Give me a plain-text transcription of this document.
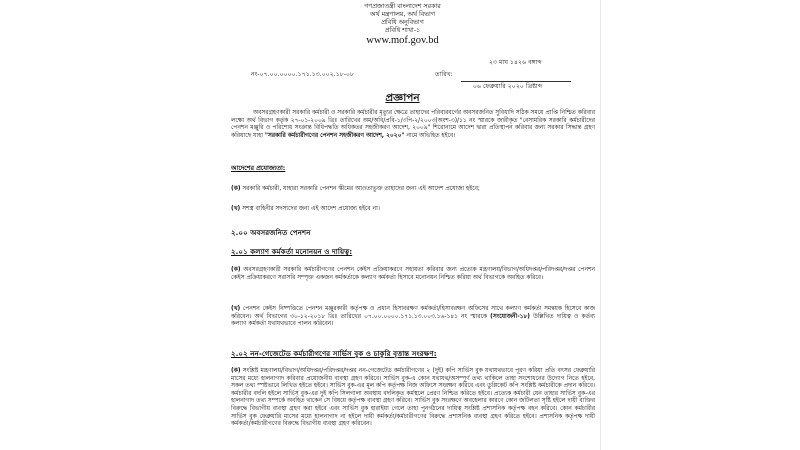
গণপ্রজাতন্ত্রী বাংলাদেশ সরকার
অর্থ মন্ত্রণালয়, অর্থ বিভাগ
প্রবিধি অনুবিভাগ
প্রবিধি শাখা-১
www.mof.gov.bd
২৩ মাঘ ১৪২৬ বঙ্গাব্দ
তারিখ:
নং-০৭.০০.০০০০.১৭১.১৩.০০২.১৮-০৮
০৬ ফেব্রুয়ারি ২০২০ খ্রিষ্টাব্দ
প্রজ্ঞাপন
অবসরগ্রহণকারী সরকারি কর্মচারী ও সরকারি কর্মচারীর মৃত্যুর ক্ষেত্রে তাহাদের পরিবারবর্গের অবসরজনিত সুবিধাদি সঠিক সময়ে প্রাপ্তি নিশ্চিত করিবার লক্ষ্যে অর্থ বিভাগ কর্তৃক ২৭-০১-২০০৯ খ্রিঃ তারিখের অম/অবি/প্রবি-১/৩পি-২/২০০৩(অংশ-৩)/১১ নং স্মারকে জারীকৃত "বেসামরিক সরকারি কর্মচারীদের পেনশন মঞ্জুরি ও পরিশোধ সংক্রান্ত বিধিপদ্ধতি অধিকতর সহজীকরণ আদেশ, ২০০৯" শিরোনামে আদেশ দ্বারা প্রতিস্থাপন করিবার জন্য সরকার সিদ্ধান্ত গ্রহণ করিয়াছে যাহা "সরকারি কর্মচারীগণের পেনশন সহজীকরণ আদেশ, ২০২০" নামে অভিহিত হইবে।
আদেশের প্রযোজ্যতা:
(ক) সরকারি কর্মচারী, যাহারা সরকারি পেনশন স্কীমের আওতাভুক্ত তাহাদের জন্য এই আদেশ প্রযোজ্য হইবে;
(খ) সশস্ত্র বাহিনীর সদস্যদের জন্য এই আদেশ প্রযোজ্য হইবে না।
২.০০ অবসরজনিত পেনশন
২.০১ কল্যাণ কর্মকর্তা মনোনয়ন ও দায়িত্ব:
(ক) অবসরগ্রহণকারী সরকারি কর্মচারীগণের পেনশন কেইস প্রক্রিয়াকরণে সহায়তা করিবার জন্য প্রত্যেক মন্ত্রণালয়/বিভাগ/অধিদপ্তর/পরিদপ্তর/দপ্তর পেনশন কেইস প্রক্রিয়াকরণে সরাসরি সম্পৃক্ত একজন কর্মকর্তাকে কল্যাণ কর্মকর্তা হিসাবে মনোনয়ন নিশ্চিত করিয়া অর্থ বিভাগকে অবহিত করিবে।
(খ) পেনশন কেইস নিষ্পত্তিতে পেনশন মঞ্জুরকারী কর্তৃপক্ষ ও প্রধান হিসাবরক্ষণ কর্মকর্তা/হিসাবরক্ষণ অফিসের সাথে কল্যাণ কর্মকর্তা সমন্বয়ক হিসেবে কাজ করিবেন। অর্থ বিভাগের ৩০-১২-২০১৮ খ্রিঃ তারিখের ০৭.০০.০০০০.১৭১.১৩.০০৩.১৬-১৪১ নং স্মারকে (সংযোজনী-১৮) উল্লিখিত দায়িত্ব ও কর্তব্য কল্যাণ কর্মকর্তা যথাযথভাবে পালন করিবেন।
২.০২ নন-গেজেটেড কর্মচারীগণের সার্ভিস বুক ও চাকুরি বৃত্তান্ত সংরক্ষণ:
(ক) সংশ্লিষ্ট মন্ত্রণালয়/বিভাগ/অধিদপ্তর/পরিদপ্তর/দপ্তর নন-গেজেটেড কর্মচারীগণের ২ (দুই) কপি সার্ভিস বুক যথাযথভাবে পূরণ করিয়া প্রতি বৎসর ফেব্রুয়ারি মাসের মধ্যে হালনাগাদ করিবার প্রয়োজনীয় ব্যবস্থা গ্রহণ করিবে। সার্ভিস বুক-এ কোন যথাযথ/অসম্পূর্ণ তথ্য থাকিলে তাহা সংশোধনের উদ্যোগ নিতে হইবে, সকল তথ্য স্পষ্টভাবে লিখিত হইতে হইবে। সার্ভিস বুক-এর মূল কপি কর্তৃপক্ষ নিজ অফিসে সংরক্ষণ করিবে এবং ডুপ্লিকেট কপি সংশ্লিষ্ট কর্মচারীকে প্রদান করিবে। কর্মচারীর বদলি হইলে সার্ভিস বুক-এর দুই কপি সিলগালা অবস্থায় বদলিকৃত কর্মস্থলে প্রেরণ নিশ্চিত করিতে হইবে। প্রত্যেক কর্মচারী যেন তাহার সার্ভিস বুক-এর হালনাগাদ তথ্য সম্পর্কে অবহিত থাকেন সে বিষয়ে কর্তৃপক্ষ ব্যবস্থা গ্রহণ করিবে। সার্ভিস বুক সংরক্ষণে অবহেলার কারণে কোন জটিলতা সৃষ্টি হইলে দায়ী ব্যক্তির বিরুদ্ধে বিভাগীয় ব্যবস্থা গ্রহণ করা হইবে এবং সার্ভিস বুক হারাইয়া গেলে তাহা পুনর্গঠনের দায়িত্ব সংশ্লিষ্ট প্রশাসনিক কর্তৃপক্ষ বহন করিবে। কোন কর্মচারীর সার্ভিস বুক ফেব্রুয়ারি মাসের মধ্যে হালনাগাদ না হইলে দায়ী কর্মকর্তা/কর্মচারীগণের বিরুদ্ধে প্রশাসনিক ব্যবস্থা গ্রহণ করিতে হইবে। প্রশাসনিক কর্তৃপক্ষ দায়ী কর্মকর্তা/কর্মচারীগণের বিরুদ্ধে বিভাগীয় ব্যবস্থা গ্রহণ করিবেন।
